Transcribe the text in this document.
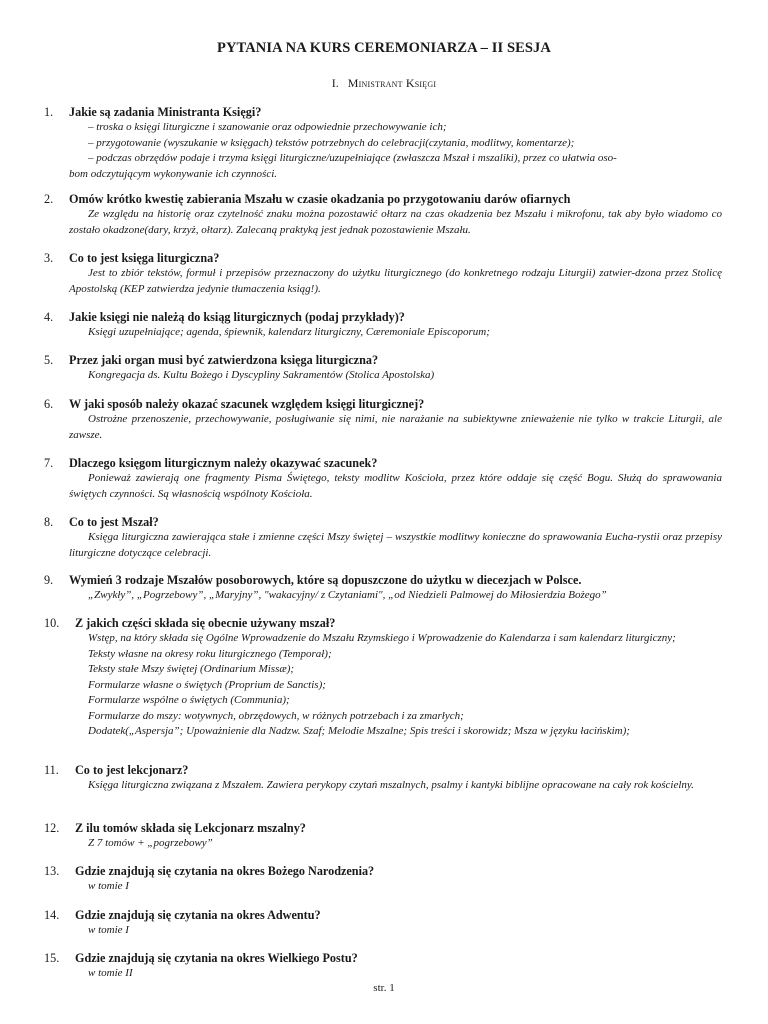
PYTANIA NA KURS CEREMONIARZA – II SESJA
I. Ministrant Księgi
1.	Jakie są zadania Ministranta Księgi?
– troska o księgi liturgiczne i szanowanie oraz odpowiednie przechowywanie ich;
– przygotowanie (wyszukanie w księgach) tekstów potrzebnych do celebracji(czytania, modlitwy, komentarze);
– podczas obrzędów podaje i trzyma księgi liturgiczne/uzupełniające (zwłaszcza Mszał i mszaliki), przez co ułatwia oso-
bom odczytującym wykonywanie ich czynności.
2.	Omów krótko kwestię zabierania Mszału w czasie okadzania po przygotowaniu darów ofiarnych
Ze względu na historię oraz czytelność znaku można pozostawić ołtarz na czas okadzenia bez Mszału i mikrofonu, tak aby było wiadomo co zostało okadzone(dary, krzyż, ołtarz). Zalecaną praktyką jest jednak pozostawienie Mszału.
3.	Co to jest księga liturgiczna?
Jest to zbiór tekstów, formuł i przepisów przeznaczony do użytku liturgicznego (do konkretnego rodzaju Liturgii) zatwier-dzona przez Stolicę Apostolską (KEP zatwierdza jedynie tłumaczenia ksiąg!).
4.	Jakie księgi nie należą do ksiąg liturgicznych (podaj przykłady)?
Księgi uzupełniające; agenda, śpiewnik, kalendarz liturgiczny, Cæremoniale Episcoporum;
5.	Przez jaki organ musi być zatwierdzona księga liturgiczna?
Kongregacja ds. Kultu Bożego i Dyscypliny Sakramentów (Stolica Apostolska)
6.	W jaki sposób należy okazać szacunek względem księgi liturgicznej?
Ostrożne przenoszenie, przechowywanie, posługiwanie się nimi, nie narażanie na subiektywne znieważenie nie tylko w trakcie Liturgii, ale zawsze.
7.	Dlaczego księgom liturgicznym należy okazywać szacunek?
Ponieważ zawierają one fragmenty Pisma Świętego, teksty modlitw Kościoła, przez które oddaje się część Bogu. Służą do sprawowania świętych czynności. Są własnością wspólnoty Kościoła.
8.	Co to jest Mszał?
Księga liturgiczna zawierająca stałe i zmienne części Mszy świętej – wszystkie modlitwy konieczne do sprawowania Eucha-rystii oraz przepisy liturgiczne dotyczące celebracji.
9.	Wymień 3 rodzaje Mszałów posoborowych, które są dopuszczone do użytku w diecezjach w Polsce.
„Zwykły”, „Pogrzebowy”, „Maryjny”, "wakacyjny/ z Czytaniami", „od Niedzieli Palmowej do Miłosierdzia Bożego”
10.	Z jakich części składa się obecnie używany mszał?
Wstęp, na który składa się Ogólne Wprowadzenie do Mszału Rzymskiego i Wprowadzenie do Kalendarza i sam kalendarz liturgiczny;
Teksty własne na okresy roku liturgicznego (Temporał);
Teksty stałe Mszy świętej (Ordinarium Missæ);
Formularze własne o świętych (Proprium de Sanctis);
Formularze wspólne o świętych (Communia);
Formularze do mszy: wotywnych, obrzędowych, w różnych potrzebach i za zmarłych;
Dodatek(„Aspersja”; Upoważnienie dla Nadzw. Szaf; Melodie Mszalne; Spis treści i skorowidz; Msza w języku łacińskim);
11.	Co to jest lekcjonarz?
Księga liturgiczna związana z Mszałem. Zawiera perykopy czytań mszalnych, psalmy i kantyki biblijne opracowane na cały rok kościelny.
12.	Z ilu tomów składa się Lekcjonarz mszalny?
Z 7 tomów + „pogrzebowy”
13.	Gdzie znajdują się czytania na okres Bożego Narodzenia?
w tomie I
14.	Gdzie znajdują się czytania na okres Adwentu?
w tomie I
15.	Gdzie znajdują się czytania na okres Wielkiego Postu?
w tomie II
str. 1
